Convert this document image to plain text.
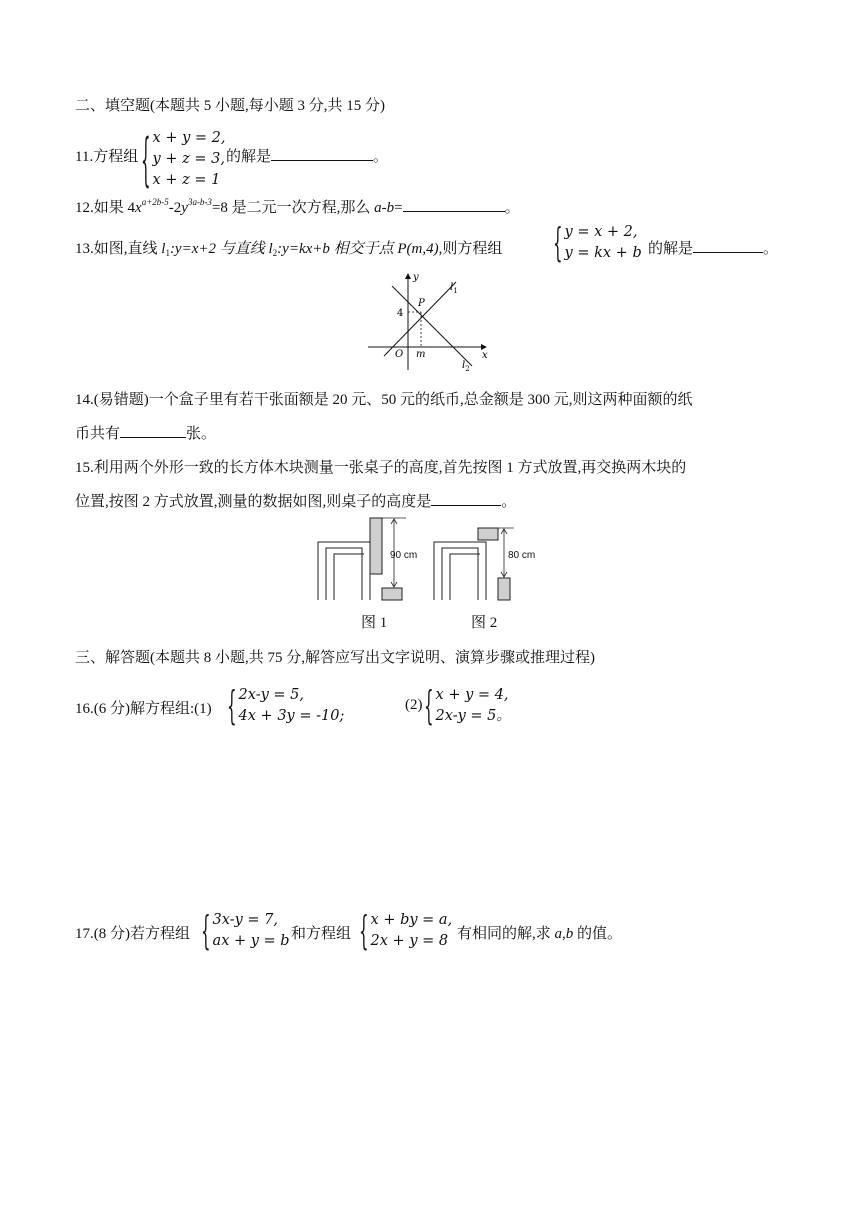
二、填空题(本题共 5 小题,每小题 3 分,共 15 分)
11.方程组 { x + y = 2,
y + z = 3,
x + z = 1
的解是	。
12.如果 $4x^{a+2b-5}-2y^{3a-b-3}=8$ 是二元一次方程,那么 a-b=	。
13.如图,直线 $l_1:y=x+2$ 与直线 $l_2:y=kx+b$ 相交于点 P(m,4),则方程组	{ y = x + 2,
y = kx + b 的解是	。
y
x
O m
4
P
$l_1$
$l_2$
14.(易错题)一个盒子里有若干张面额是 20 元、50 元的纸币,总金额是 300 元,则这两种面额的纸
币共有	张。
15.利用两个外形一致的长方体木块测量一张桌子的高度,首先按图 1 方式放置,再交换两木块的
位置,按图 2 方式放置,测量的数据如图,则桌子的高度是	。
90 cm	80 cm
图 1	图 2
三、解答题(本题共 8 小题,共 75 分,解答应写出文字说明、演算步骤或推理过程)
16.(6 分)解方程组:(1) { 2x-y = 5,
4x + 3y = -10;
(2) { x + y = 4,
2x-y = 5。
17.(8 分)若方程组 { 3x-y = 7,
ax + y = b 和方程组 { x + by = a,
2x + y = 8 有相同的解,求 a,b 的值。
